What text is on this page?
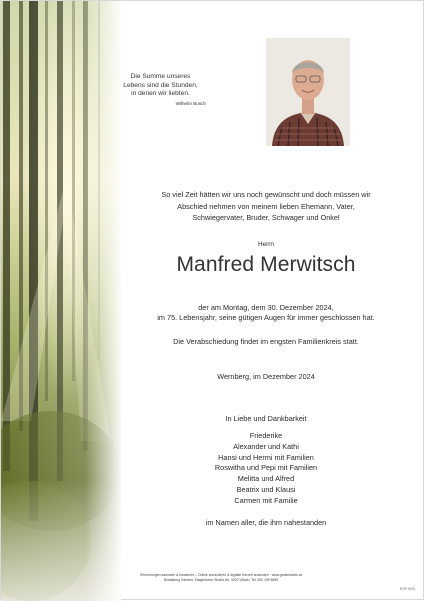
Die Summe unseres
Lebens sind die Stunden,
in denen wir liebten.
Wilhelm Busch
So viel Zeit hätten wir uns noch gewünscht und doch müssen wir
Abschied nehmen von meinem lieben Ehemann, Vater,
Schwiegervater, Bruder, Schwager und Onkel
Herrn
Manfred Merwitsch
der am Montag, dem 30. Dezember 2024,
im 75. Lebensjahr, seine gütigen Augen für immer geschlossen hat.
Die Verabschiedung findet im engsten Familienkreis statt.
Wernberg, im Dezember 2024
In Liebe und Dankbarkeit
Friederike
Alexander und Kathi
Hansi und Hermi mit Familien
Roswitha und Pepi mit Familien
Melitta und Alfred
Beatrix und Klausi
Carmen mit Familie
im Namen aller, die ihm nahestanden
Erinnerungen sammeln & bewahren – Online kondolieren & digitale Kerzen anzünden · www.gedenkseite.at
Bestattung Kärnten, Klagenfurter Straße 66, 9020 Villach, Tel. 050 199 6569
EXP 9/24
